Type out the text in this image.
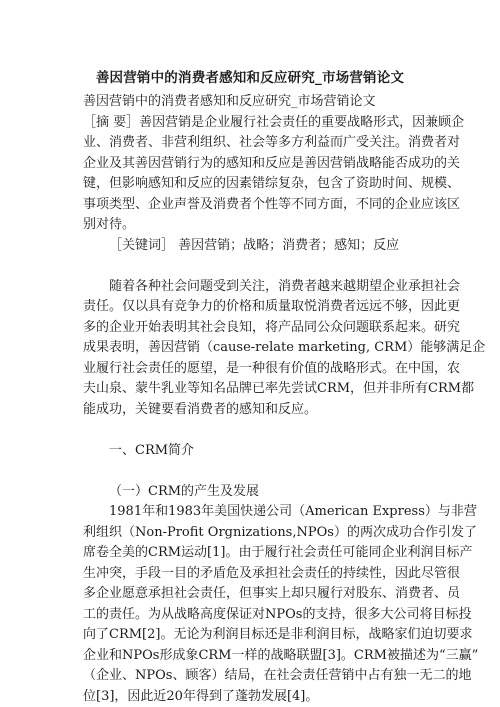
善因营销中的消费者感知和反应研究_市场营销论文
善因营销中的消费者感知和反应研究_市场营销论文
［摘 要］善因营销是企业履行社会责任的重要战略形式，因兼顾企
业、消费者、非营利组织、社会等多方利益而广受关注。消费者对
企业及其善因营销行为的感知和反应是善因营销战略能否成功的关
键，但影响感知和反应的因素错综复杂，包含了资助时间、规模、
事项类型、企业声誉及消费者个性等不同方面，不同的企业应该区
别对待。
［关键词］ 善因营销；战略；消费者；感知；反应
随着各种社会问题受到关注，消费者越来越期望企业承担社会
责任。仅以具有竞争力的价格和质量取悦消费者远远不够，因此更
多的企业开始表明其社会良知，将产品同公众问题联系起来。研究
成果表明，善因营销（cause-relate marketing, CRM）能够满足企
业履行社会责任的愿望，是一种很有价值的战略形式。在中国，农
夫山泉、蒙牛乳业等知名品牌已率先尝试CRM，但并非所有CRM都
能成功，关键要看消费者的感知和反应。
一、CRM简介
（一）CRM的产生及发展
1981年和1983年美国快递公司（American Express）与非营
利组织（Non-Profit Orgnizations,NPOs）的两次成功合作引发了
席卷全美的CRM运动[1]。由于履行社会责任可能同企业利润目标产
生冲突，手段一目的矛盾危及承担社会责任的持续性，因此尽管很
多企业愿意承担社会责任，但事实上却只履行对股东、消费者、员
工的责任。为从战略高度保证对NPOs的支持，很多大公司将目标投
向了CRM[2]。无论为利润目标还是非利润目标，战略家们迫切要求
企业和NPOs形成象CRM一样的战略联盟[3]。CRM被描述为“三赢”
（企业、NPOs、顾客）结局，在社会责任营销中占有独一无二的地
位[3]，因此近20年得到了蓬勃发展[4]。
